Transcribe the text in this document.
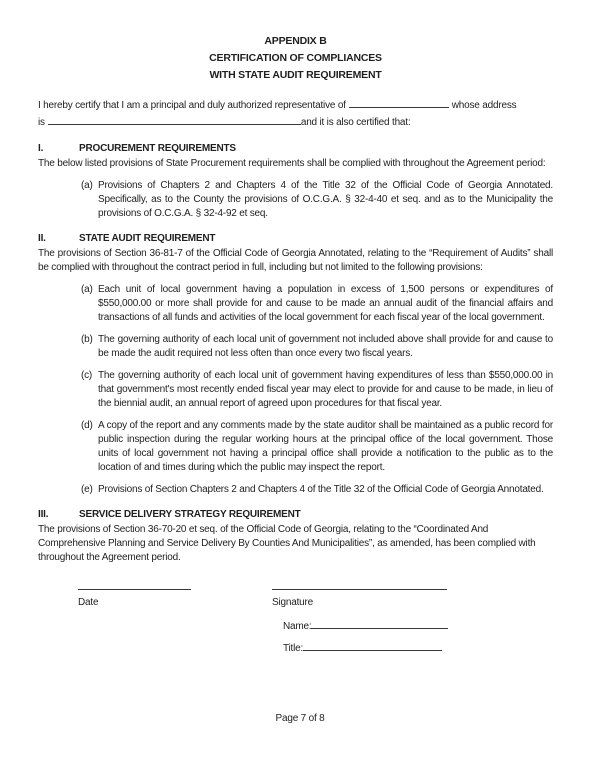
APPENDIX B
CERTIFICATION OF COMPLIANCES
WITH STATE AUDIT REQUIREMENT
I hereby certify that I am a principal and duly authorized representative of	whose address
is	and it is also certified that:
I.	PROCUREMENT REQUIREMENTS
The below listed provisions of State Procurement requirements shall be complied with throughout the Agreement period:
(a) Provisions of Chapters 2 and Chapters 4 of the Title 32 of the Official Code of Georgia Annotated. Specifically, as to the County the provisions of O.C.G.A. § 32-4-40 et seq. and as to the Municipality the provisions of O.C.G.A. § 32-4-92 et seq.
II.	STATE AUDIT REQUIREMENT
The provisions of Section 36-81-7 of the Official Code of Georgia Annotated, relating to the “Requirement of Audits” shall be complied with throughout the contract period in full, including but not limited to the following provisions:
(a) Each unit of local government having a population in excess of 1,500 persons or expenditures of $550,000.00 or more shall provide for and cause to be made an annual audit of the financial affairs and transactions of all funds and activities of the local government for each fiscal year of the local government.
(b) The governing authority of each local unit of government not included above shall provide for and cause to be made the audit required not less often than once every two fiscal years.
(c) The governing authority of each local unit of government having expenditures of less than $550,000.00 in that government's most recently ended fiscal year may elect to provide for and cause to be made, in lieu of the biennial audit, an annual report of agreed upon procedures for that fiscal year.
(d) A copy of the report and any comments made by the state auditor shall be maintained as a public record for public inspection during the regular working hours at the principal office of the local government. Those units of local government not having a principal office shall provide a notification to the public as to the location of and times during which the public may inspect the report.
(e) Provisions of Section Chapters 2 and Chapters 4 of the Title 32 of the Official Code of Georgia Annotated.
III.	SERVICE DELIVERY STRATEGY REQUIREMENT
The provisions of Section 36-70-20 et seq. of the Official Code of Georgia, relating to the “Coordinated And Comprehensive Planning and Service Delivery By Counties And Municipalities”, as amended, has been complied with throughout the Agreement period.
Date	Signature
Name:
Title:
Page 7 of 8
